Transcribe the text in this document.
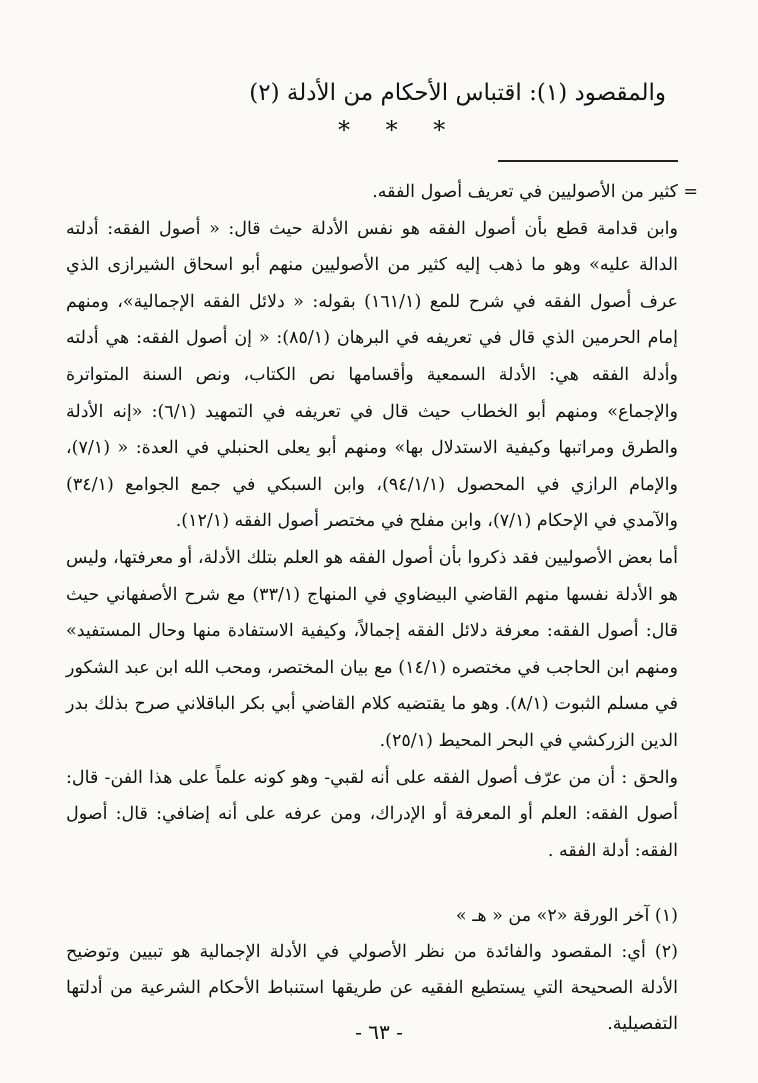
والمقصود (١): اقتباس الأحكام من الأدلة (٢)
* * *
=

كثير من الأصوليين في تعريف أصول الفقه.

وابن قدامة قطع بأن أصول الفقه هو نفس الأدلة حيث قال: « أصول الفقه: أدلته الدالة عليه» وهو ما ذهب إليه كثير من الأصوليين منهم أبو اسحاق الشيرازى الذي عرف أصول الفقه في شرح للمع (١٦١/١) بقوله: « دلائل الفقه الإجمالية»، ومنهم إمام الحرمين الذي قال في تعريفه في البرهان (٨٥/١): « إن أصول الفقه: هي أدلته وأدلة الفقه هي: الأدلة السمعية وأقسامها نص الكتاب، ونص السنة المتواترة والإجماع» ومنهم أبو الخطاب حيث قال في تعريفه في التمهيد (٦/١): «إنه الأدلة والطرق ومراتبها وكيفية الاستدلال بها» ومنهم أبو يعلى الحنبلي في العدة: « (٧/١)، والإمام الرازي في المحصول (٩٤/١/١)، وابن السبكي في جمع الجوامع (٣٤/١) والآمدي في الإحكام (٧/١)، وابن مفلح في مختصر أصول الفقه (١٢/١).

أما بعض الأصوليين فقد ذكروا بأن أصول الفقه هو العلم بتلك الأدلة، أو معرفتها، وليس هو الأدلة نفسها منهم القاضي البيضاوي في المنهاج (٣٣/١) مع شرح الأصفهاني حيث قال: أصول الفقه: معرفة دلائل الفقه إجمالاً، وكيفية الاستفادة منها وحال المستفيد» ومنهم ابن الحاجب في مختصره (١٤/١) مع بيان المختصر، ومحب الله ابن عبد الشكور في مسلم الثبوت (٨/١). وهو ما يقتضيه كلام القاضي أبي بكر الباقلاني صرح بذلك بدر الدين الزركشي في البحر المحيط (٢٥/١).

والحق : أن من عرّف أصول الفقه على أنه لقبي- وهو كونه علماً على هذا الفن- قال: أصول الفقه: العلم أو المعرفة أو الإدراك، ومن عرفه على أنه إضافي: قال: أصول الفقه: أدلة الفقه .

(١) آخر الورقة «٢» من « هـ »

(٢) أي: المقصود والفائدة من نظر الأصولي في الأدلة الإجمالية هو تبيين وتوضيح الأدلة الصحيحة التي يستطيع الفقيه عن طريقها استنباط الأحكام الشرعية من أدلتها التفصيلية.

- ٦٣ -
